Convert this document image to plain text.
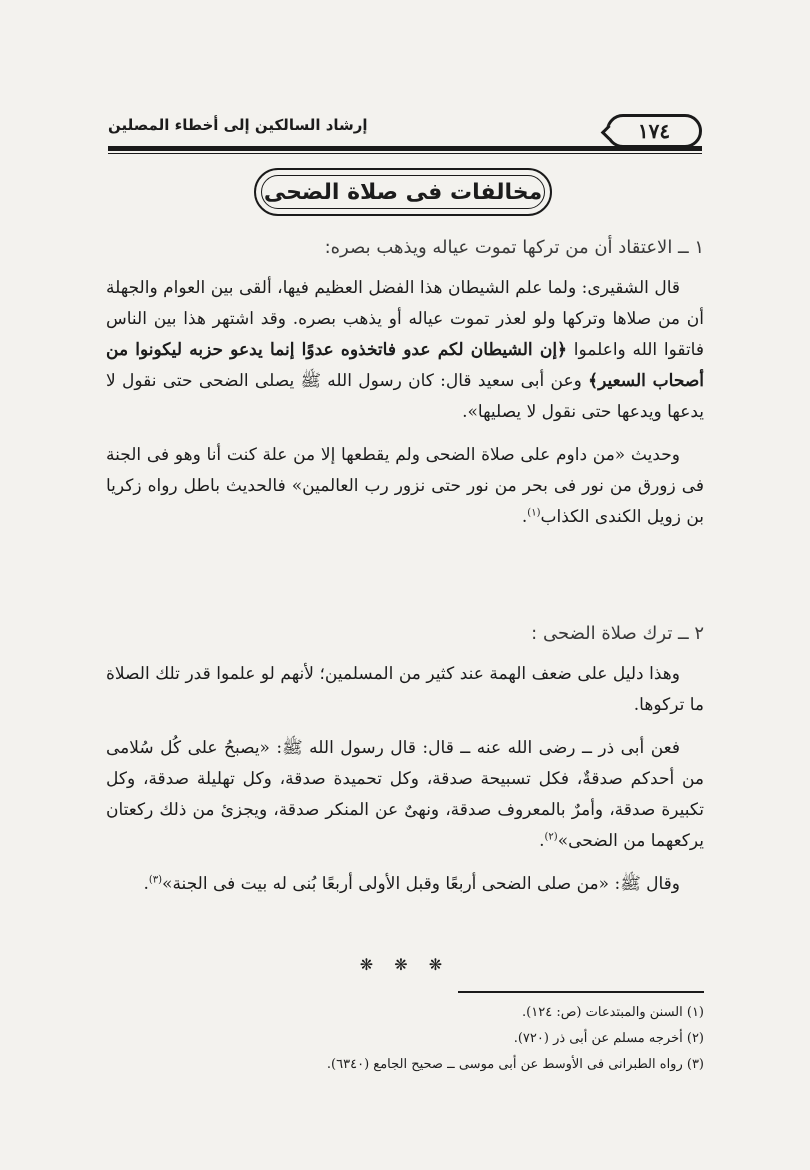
١٧٤
إرشاد السالكين إلى أخطاء المصلين
مخالفات فى صلاة الضحى
١ ــ الاعتقاد أن من تركها تموت عياله ويذهب بصره:

قال الشقيرى: ولما علم الشيطان هذا الفضل العظيم فيها، ألقى بين العوام والجهلة أن من صلاها وتركها ولو لعذر تموت عياله أو يذهب بصره. وقد اشتهر هذا بين الناس فاتقوا الله واعلموا ﴿إن الشيطان لكم عدو فاتخذوه عدوًا إنما يدعو حزبه ليكونوا من أصحاب السعير﴾ وعن أبى سعيد قال: كان رسول الله ﷺ يصلى الضحى حتى نقول لا يدعها ويدعها حتى نقول لا يصليها».

وحديث «من داوم على صلاة الضحى ولم يقطعها إلا من علة كنت أنا وهو فى الجنة فى زورق من نور فى بحر من نور حتى نزور رب العالمين» فالحديث باطل رواه زكريا بن زويل الكندى الكذاب$^{(١)}$.

٢ ــ ترك صلاة الضحى :

وهذا دليل على ضعف الهمة عند كثير من المسلمين؛ لأنهم لو علموا قدر تلك الصلاة ما تركوها.

فعن أبى ذر ــ رضى الله عنه ــ قال: قال رسول الله ﷺ: «يصبحُ على كُل سُلامى من أحدكم صدقةٌ، فكل تسبيحة صدقة، وكل تحميدة صدقة، وكل تهليلة صدقة، وكل تكبيرة صدقة، وأمرٌ بالمعروف صدقة، ونهىٌ عن المنكر صدقة، ويجزئ من ذلك ركعتان يركعهما من الضحى»$^{(٢)}$.

وقال ﷺ: «من صلى الضحى أربعًا وقبل الأولى أربعًا بُنى له بيت فى الجنة»$^{(٣)}$.

❋ ❋ ❋
(١) السنن والمبتدعات (ص: ١٢٤).
(٢) أخرجه مسلم عن أبى ذر (٧٢٠).
(٣) رواه الطبرانى فى الأوسط عن أبى موسى ــ صحيح الجامع (٦٣٤٠).
